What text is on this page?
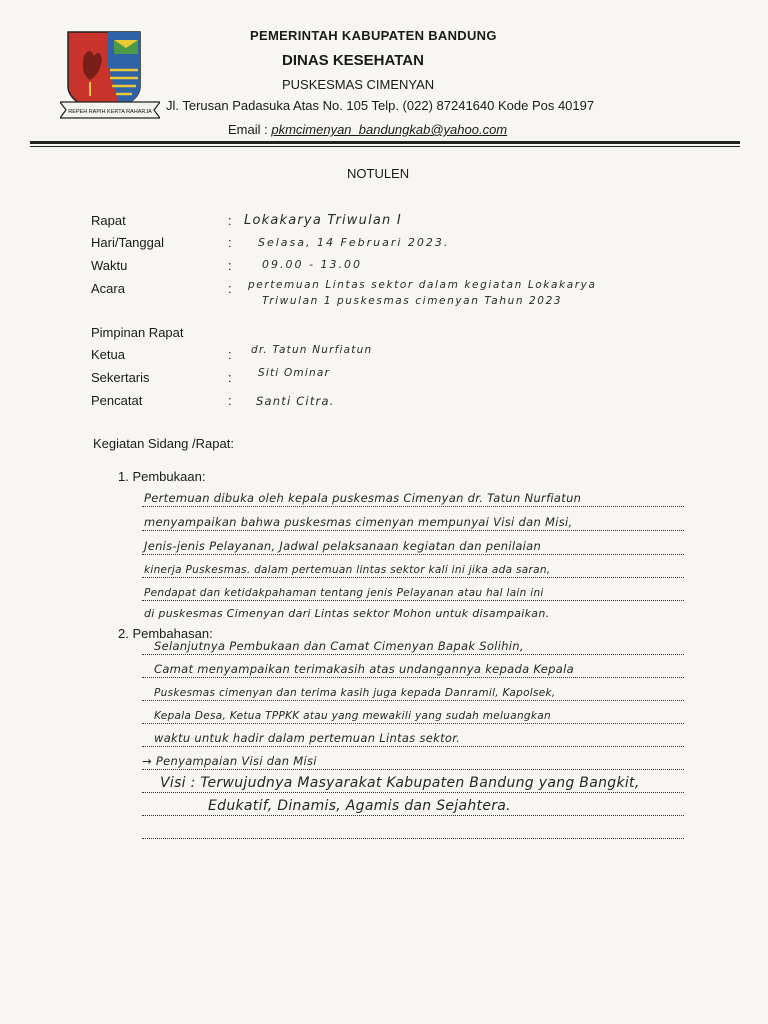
REPEH RAPIH KERTA RAHARJA
PEMERINTAH KABUPATEN BANDUNG
DINAS KESEHATAN
PUSKESMAS CIMENYAN
Jl. Terusan Padasuka Atas No. 105 Telp. (022) 87241640 Kode Pos 40197
Email : pkmcimenyan_bandungkab@yahoo.com
NOTULEN
Rapat	: Lokakarya Triwulan I
Hari/Tanggal	: Selasa, 14 Februari 2023.
Waktu	:	09.00 - 13.00
Acara	: pertemuan Lintas sektor dalam kegiatan Lokakarya
Triwulan 1 puskesmas cimenyan Tahun 2023
Pimpinan Rapat
Ketua	: dr. Tatun Nurfiatun
Sekertaris	:	Siti Ominar
Pencatat	: Santi Citra.
Kegiatan Sidang /Rapat:
1. Pembukaan:
Pertemuan dibuka oleh kepala puskesmas Cimenyan dr. Tatun Nurfiatun
menyampaikan bahwa puskesmas cimenyan mempunyai Visi dan Misi,
Jenis-jenis Pelayanan, Jadwal pelaksanaan kegiatan dan penilaian
kinerja Puskesmas. dalam pertemuan lintas sektor kali ini jika ada saran,
Pendapat dan ketidakpahaman tentang jenis Pelayanan atau hal lain ini
di puskesmas Cimenyan dari Lintas sektor Mohon untuk disampaikan.
2. Pembahasan:
Selanjutnya Pembukaan dan Camat Cimenyan Bapak Solihin,
Camat menyampaikan terimakasih atas undangannya kepada Kepala
Puskesmas cimenyan dan terima kasih juga kepada Danramil, Kapolsek,
Kepala Desa, Ketua TPPKK atau yang mewakili yang sudah meluangkan
waktu untuk hadir dalam pertemuan Lintas sektor.
→ Penyampaian Visi dan Misi
Visi : Terwujudnya Masyarakat Kabupaten Bandung yang Bangkit,
Edukatif, Dinamis, Agamis dan Sejahtera.
